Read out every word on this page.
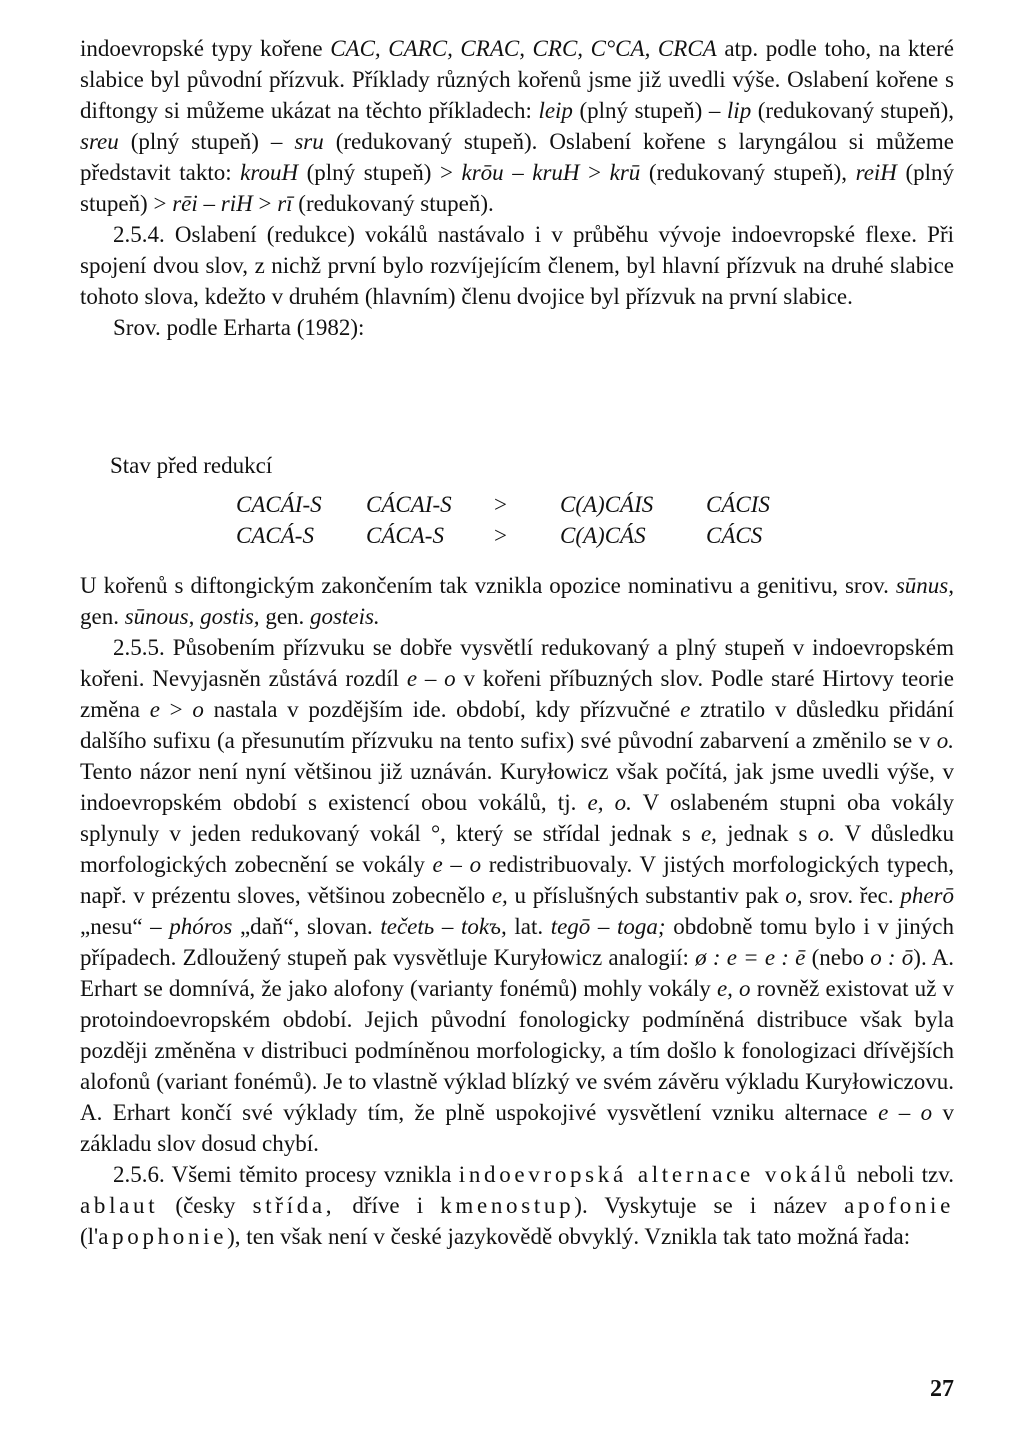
indoevropské typy kořene CAC, CARC, CRAC, CRC, C°CA, CRCA atp. podle toho, na které slabice byl původní přízvuk. Příklady různých kořenů jsme již uvedli výše. Oslabení kořene s diftongy si můžeme ukázat na těchto příkladech: leip (plný stupeň) – lip (redukovaný stupeň), sreu (plný stupeň) – sru (redukovaný stupeň). Oslabení kořene s laryngálou si můžeme představit takto: krouH (plný stupeň) > krōu – kruH > krū (redukovaný stupeň), reiH (plný stupeň) > rēi – riH > rī (redukovaný stupeň).

2.5.4. Oslabení (redukce) vokálů nastávalo i v průběhu vývoje indoevropské flexe. Při spojení dvou slov, z nichž první bylo rozvíjejícím členem, byl hlavní přízvuk na druhé slabice tohoto slova, kdežto v druhém (hlavním) členu dvojice byl přízvuk na první slabice.

Srov. podle Erharta (1982):

Stav před redukcí
CACÁI-S	CÁCAI-S	>	C(A)CÁIS	CÁCIS
CACÁ-S	CÁCA-S	>	C(A)CÁS	CÁCS

U kořenů s diftongickým zakončením tak vznikla opozice nominativu a genitivu, srov. sūnus, gen. sūnous, gostis, gen. gosteis.

2.5.5. Působením přízvuku se dobře vysvětlí redukovaný a plný stupeň v indoevropském kořeni. Nevyjasněn zůstává rozdíl e – o v kořeni příbuzných slov. Podle staré Hirtovy teorie změna e > o nastala v pozdějším ide. období, kdy přízvučné e ztratilo v důsledku přidání dalšího sufixu (a přesunutím přízvuku na tento sufix) své původní zabarvení a změnilo se v o. Tento názor není nyní většinou již uznáván. Kuryłowicz však počítá, jak jsme uvedli výše, v indoevropském období s existencí obou vokálů, tj. e, o. V oslabeném stupni oba vokály splynuly v jeden redukovaný vokál °, který se střídal jednak s e, jednak s o. V důsledku morfologických zobecnění se vokály e – o redistribuovaly. V jistých morfologických typech, např. v prézentu sloves, většinou zobecnělo e, u příslušných substantiv pak o, srov. řec. pherō „nesu“ – phóros „daň“, slovan. tečetь – tokъ, lat. tegō – toga; obdobně tomu bylo i v jiných případech. Zdloužený stupeň pak vysvětluje Kuryłowicz analogií: ø : e = e : ē (nebo o : ō). A. Erhart se domnívá, že jako alofony (varianty fonémů) mohly vokály e, o rovněž existovat už v protoindoevropském období. Jejich původní fonologicky podmíněná distribuce však byla později změněna v distribuci podmíněnou morfologicky, a tím došlo k fonologizaci dřívějších alofonů (variant fonémů). Je to vlastně výklad blízký ve svém závěru výkladu Kuryłowiczovu. A. Erhart končí své výklady tím, že plně uspokojivé vysvětlení vzniku alternace e – o v základu slov dosud chybí.

2.5.6. Všemi těmito procesy vznikla indoevropská alternace vokálů neboli tzv. ablaut (česky střída, dříve i kmenostup). Vyskytuje se i název apofonie (l'apophonie), ten však není v české jazykovědě obvyklý. Vznikla tak tato možná řada:

27
